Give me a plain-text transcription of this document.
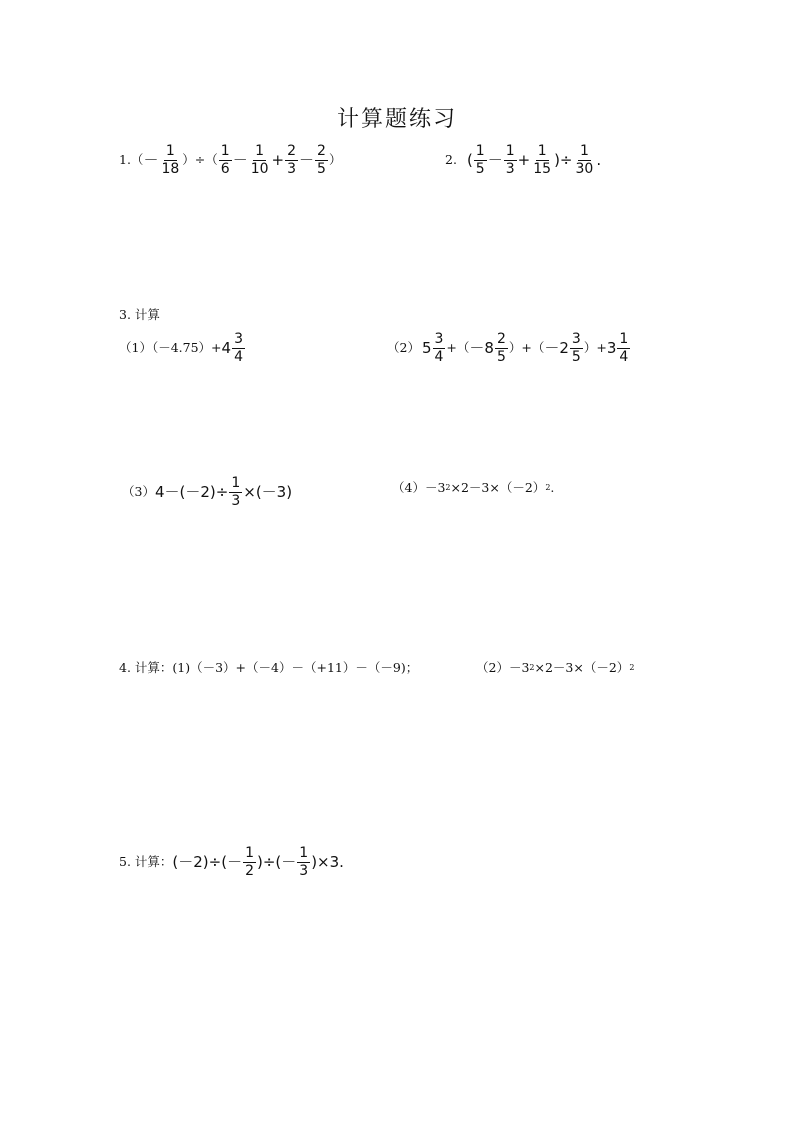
计算题练习
$1.( - \frac{1}{18}$ ）÷（ $\frac{1}{6} - \frac{1}{10} + \frac{2}{3} - \frac{2}{5}$ ）	2. ( $\frac{1}{5} - \frac{1}{3} + \frac{1}{15}$ )÷ $\frac{1}{30}$ .
3. 计算
$(1)(-4.75)+ 4 \frac{3}{4}$	（2） $5 \frac{3}{4}$ +（ $-8 \frac{2}{5}$ ）+（ $-2 \frac{3}{5}$ ）+ $3 \frac{1}{4}$
（3） $4-(-2)\div \frac{1}{3} \times(-3)$	（4）－3 2 ×2－3×（－2） 2 .
4. 计算：(1)（－3）+（－4）－（+11）－（－9)；	（2）－3 2 ×2－3×（－2） 2
5. 计算： $(-2)\div(- \frac{1}{2}$ )÷(－ $\frac{1}{3} )\times 3$.
